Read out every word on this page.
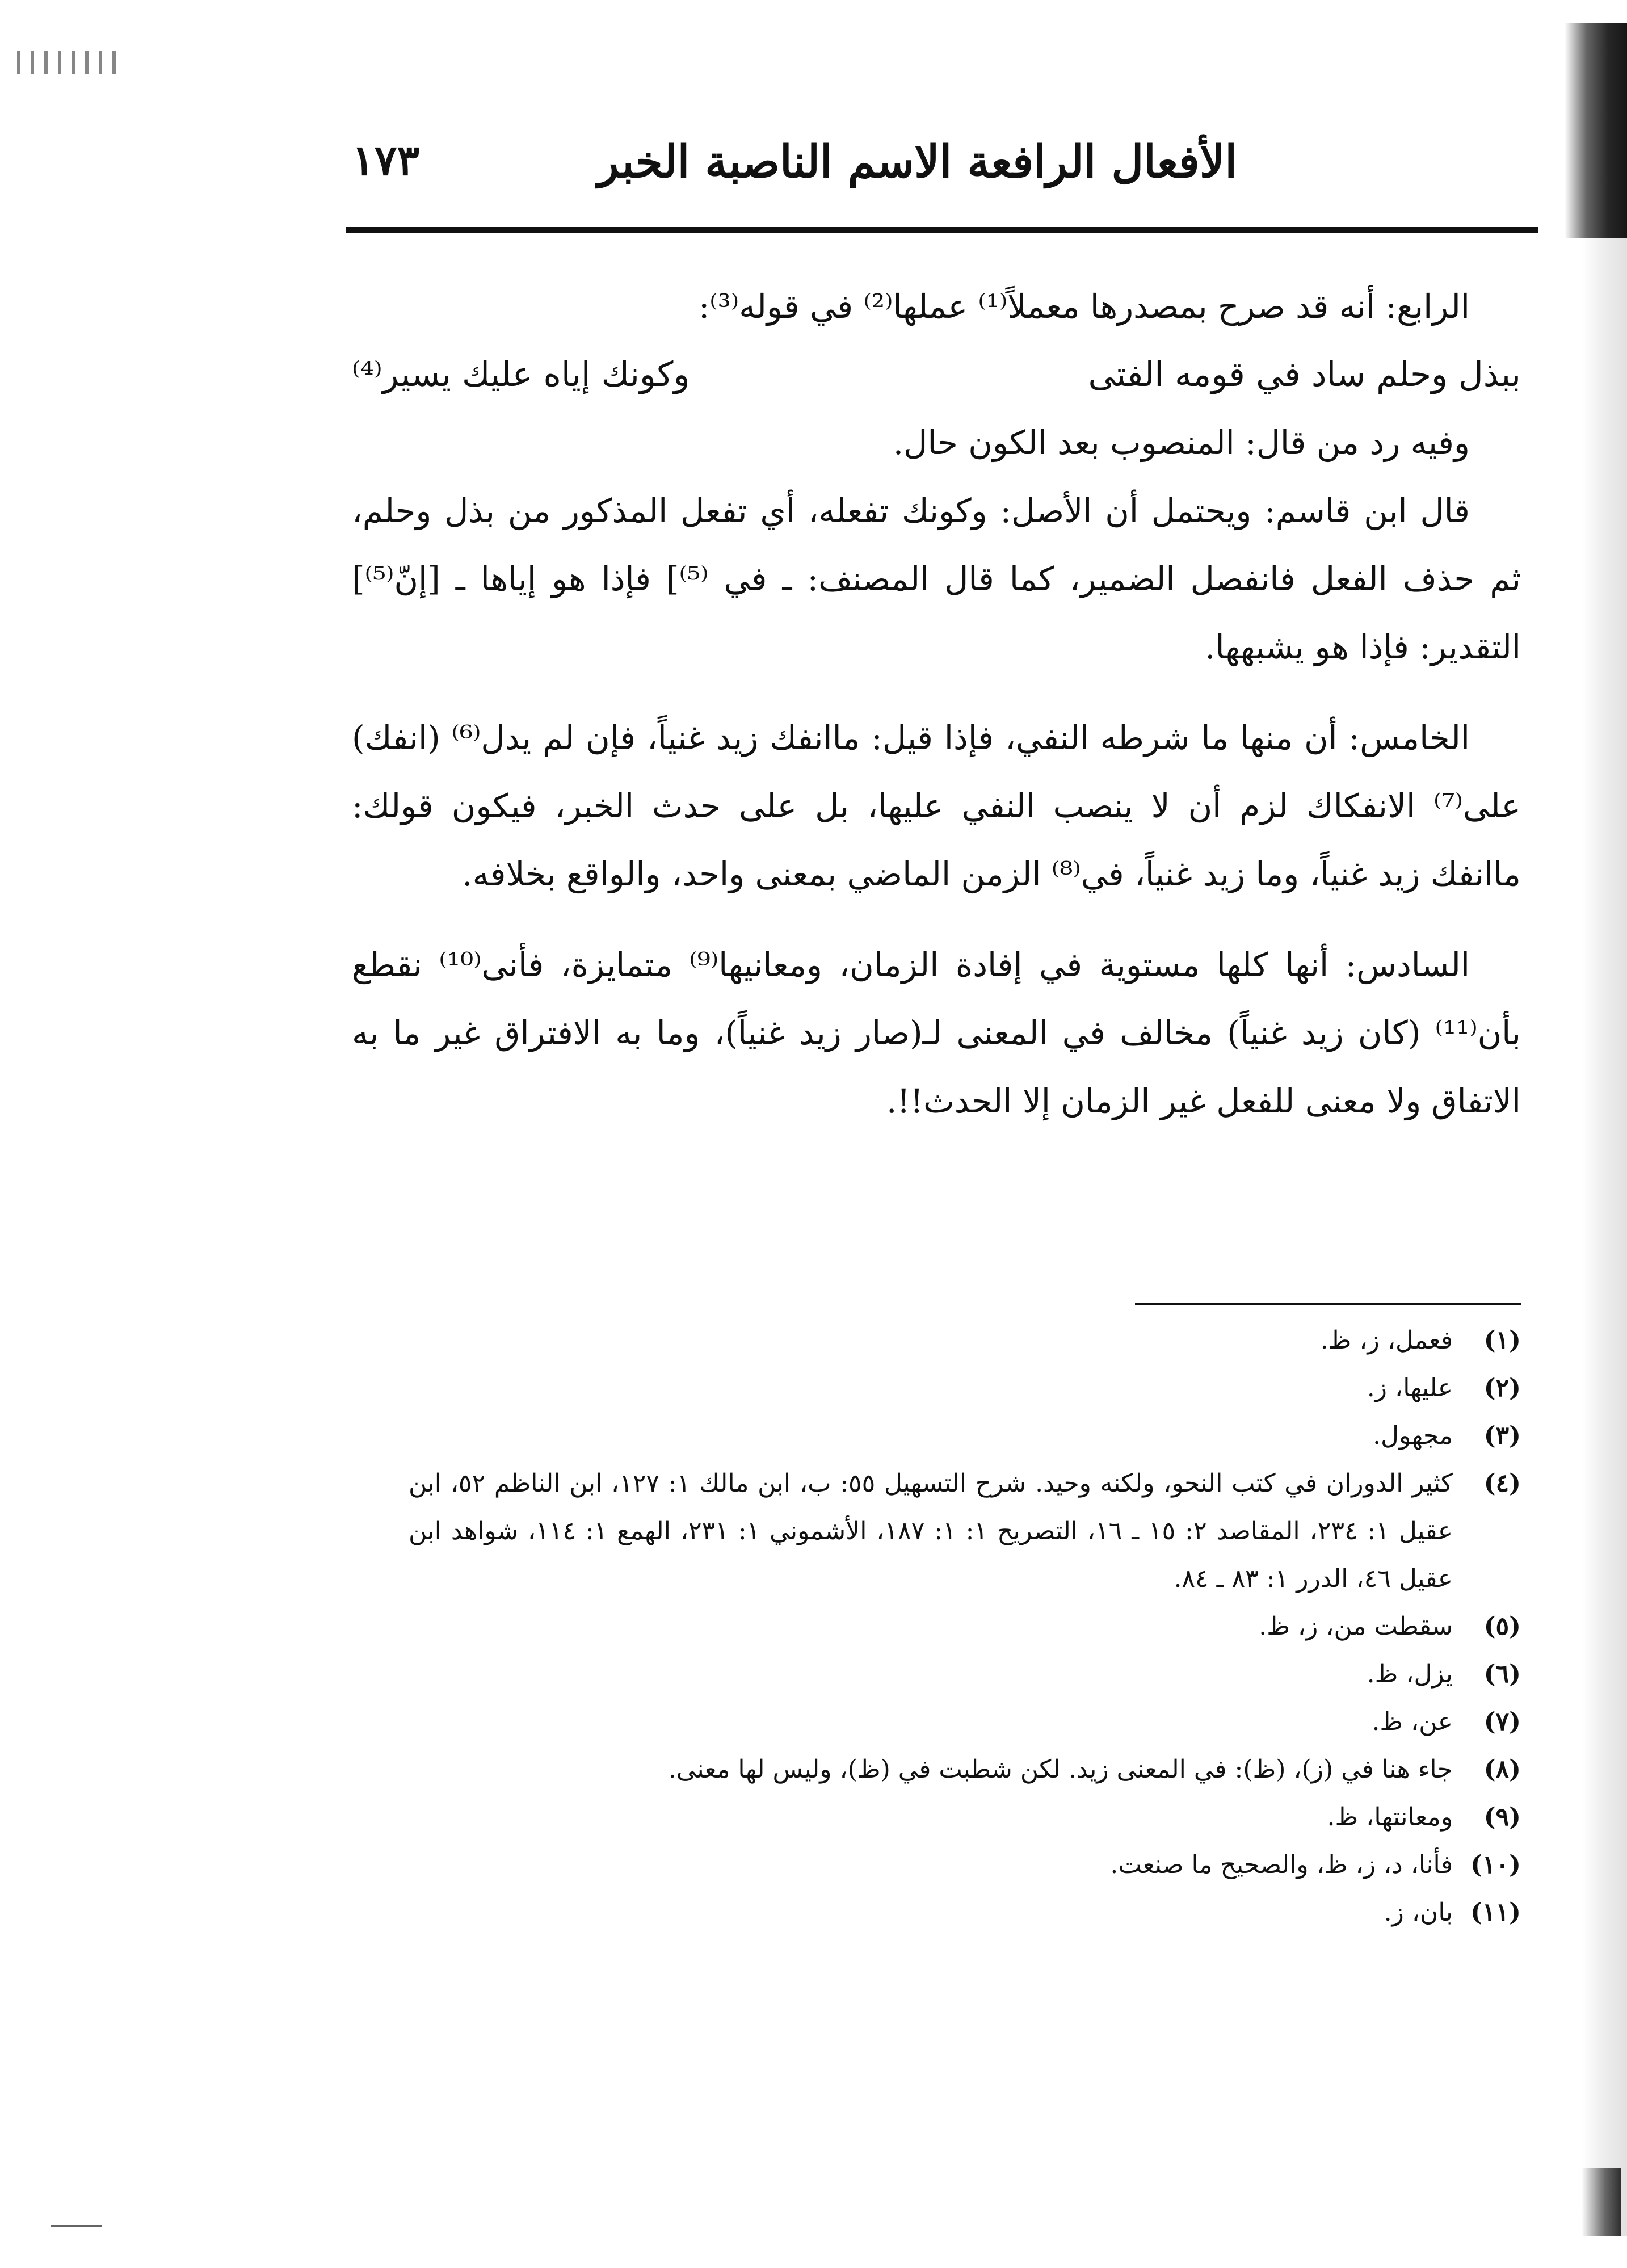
١٧٣	الأفعال الرافعة الاسم الناصبة الخبر

الرابع: أنه قد صرح بمصدرها معملاً⁽¹⁾ عملها⁽²⁾ في قوله⁽³⁾:

ببذل وحلم ساد في قومه الفتى
وكونك إياه عليك يسير⁽⁴⁾

وفيه رد من قال: المنصوب بعد الكون حال.

قال ابن قاسم: ويحتمل أن الأصل: وكونك تفعله، أي تفعل المذكور من بذل وحلم، ثم حذف الفعل فانفصل الضمير، كما قال المصنف: ـ في ⁽⁵⁾] فإذا هو إياها ـ [إنّ⁽⁵⁾] التقدير: فإذا هو يشبهها.

الخامس: أن منها ما شرطه النفي، فإذا قيل: ماانفك زيد غنياً، فإن لم يدل⁽⁶⁾ (انفك) على⁽⁷⁾ الانفكاك لزم أن لا ينصب النفي عليها، بل على حدث الخبر، فيكون قولك: ماانفك زيد غنياً، وما زيد غنياً، في⁽⁸⁾ الزمن الماضي بمعنى واحد، والواقع بخلافه.

السادس: أنها كلها مستوية في إفادة الزمان، ومعانيها⁽⁹⁾ متمايزة، فأنى⁽¹⁰⁾ نقطع بأن⁽¹¹⁾ (كان زيد غنياً) مخالف في المعنى لـ(صار زيد غنياً)، وما به الافتراق غير ما به الاتفاق ولا معنى للفعل غير الزمان إلا الحدث!!.

(١)
فعمل، ز، ظ.

(٢)
عليها، ز.

(٣)
مجهول.

(٤)
كثير الدوران في كتب النحو، ولكنه وحيد. شرح التسهيل ٥٥: ب، ابن مالك ١: ١٢٧، ابن الناظم ٥٢، ابن عقيل ١: ٢٣٤، المقاصد ٢: ١٥ ـ ١٦، التصريح ١: ١: ١٨٧، الأشموني ١: ٢٣١، الهمع ١: ١١٤، شواهد ابن عقيل ٤٦، الدرر ١: ٨٣ ـ ٨٤.

(٥)
سقطت من، ز، ظ.

(٦)
يزل، ظ.

(٧)
عن، ظ.

(٨)
جاء هنا في (ز)، (ظ): في المعنى زيد. لكن شطبت في (ظ)، وليس لها معنى.

(٩)
ومعانتها، ظ.

(١٠)
فأنا، د، ز، ظ، والصحيح ما صنعت.

(١١)
بان، ز.
